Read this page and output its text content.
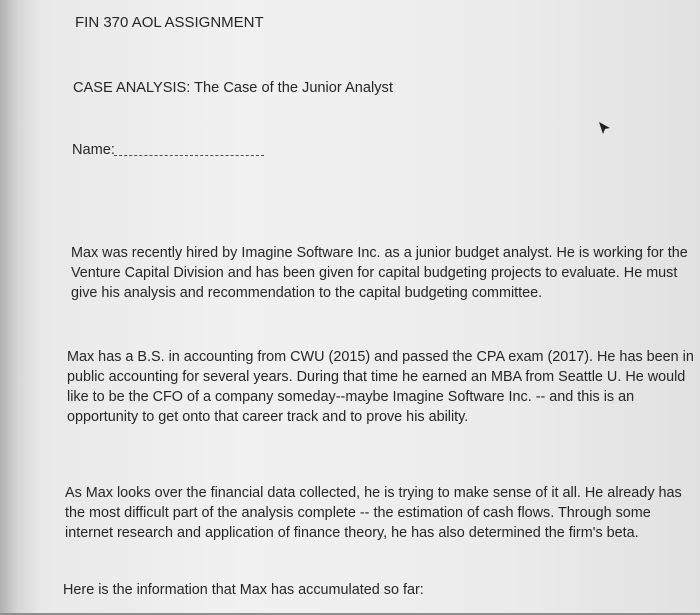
FIN 370 AOL ASSIGNMENT
CASE ANALYSIS: The Case of the Junior Analyst
Name:
Max was recently hired by Imagine Software Inc. as a junior budget analyst. He is working for the
Venture Capital Division and has been given for capital budgeting projects to evaluate. He must
give his analysis and recommendation to the capital budgeting committee.
Max has a B.S. in accounting from CWU (2015) and passed the CPA exam (2017). He has been in
public accounting for several years. During that time he earned an MBA from Seattle U. He would
like to be the CFO of a company someday--maybe Imagine Software Inc. -- and this is an
opportunity to get onto that career track and to prove his ability.
As Max looks over the financial data collected, he is trying to make sense of it all. He already has
the most difficult part of the analysis complete -- the estimation of cash flows. Through some
internet research and application of finance theory, he has also determined the firm's beta.
Here is the information that Max has accumulated so far:
